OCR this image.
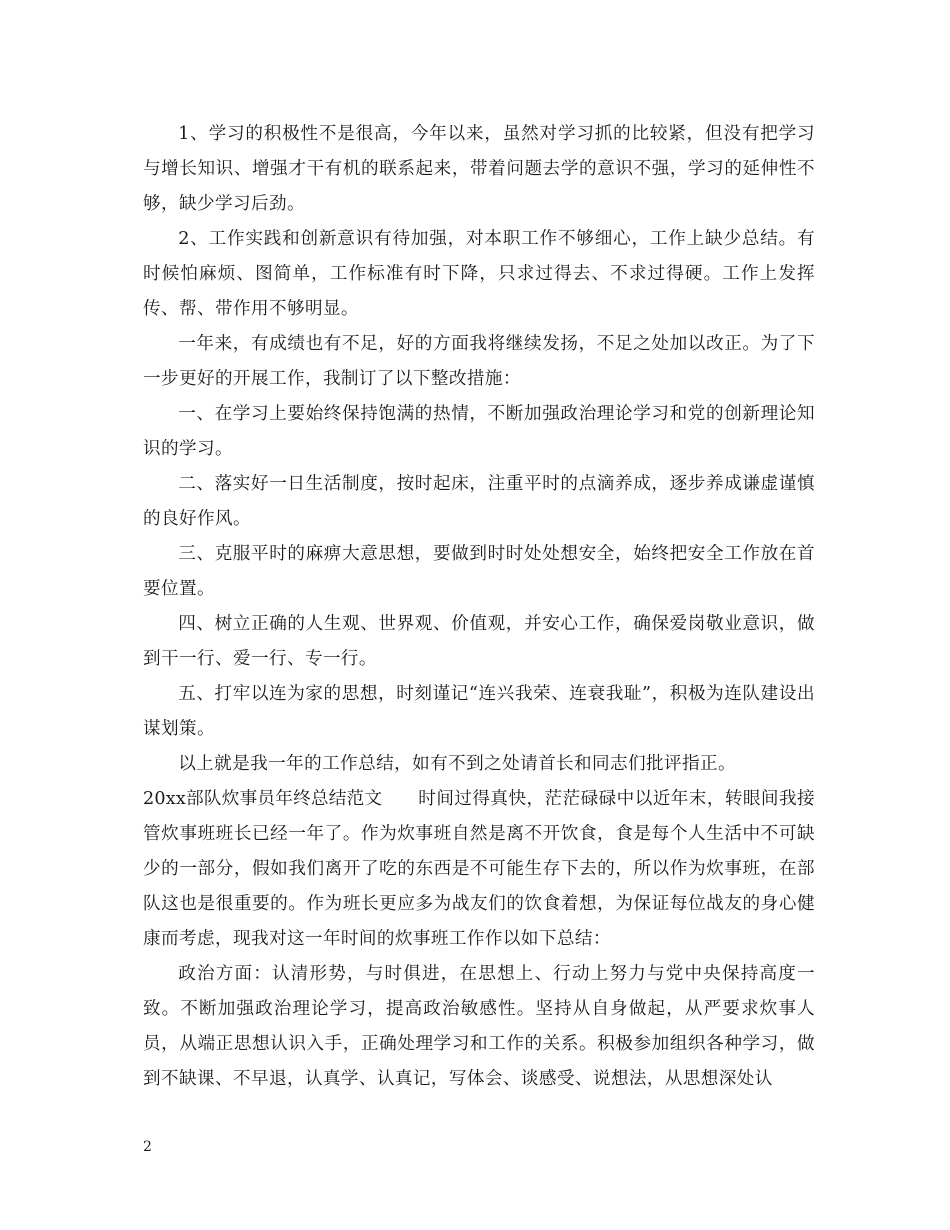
1、学习的积极性不是很高，今年以来，虽然对学习抓的比较紧，但没有把学习与增长知识、增强才干有机的联系起来，带着问题去学的意识不强，学习的延伸性不够，缺少学习后劲。

2、工作实践和创新意识有待加强，对本职工作不够细心，工作上缺少总结。有时候怕麻烦、图简单，工作标准有时下降，只求过得去、不求过得硬。工作上发挥传、帮、带作用不够明显。

一年来，有成绩也有不足，好的方面我将继续发扬，不足之处加以改正。为了下一步更好的开展工作，我制订了以下整改措施：

一、在学习上要始终保持饱满的热情，不断加强政治理论学习和党的创新理论知识的学习。

二、落实好一日生活制度，按时起床，注重平时的点滴养成，逐步养成谦虚谨慎的良好作风。

三、克服平时的麻痹大意思想，要做到时时处处想安全，始终把安全工作放在首要位置。

四、树立正确的人生观、世界观、价值观，并安心工作，确保爱岗敬业意识，做到干一行、爱一行、专一行。

五、打牢以连为家的思想，时刻谨记“连兴我荣、连衰我耻”，积极为连队建设出谋划策。

以上就是我一年的工作总结，如有不到之处请首长和同志们批评指正。

20xx部队炊事员年终总结范文 时间过得真快，茫茫碌碌中以近年末，转眼间我接管炊事班班长已经一年了。作为炊事班自然是离不开饮食，食是每个人生活中不可缺少的一部分，假如我们离开了吃的东西是不可能生存下去的，所以作为炊事班，在部队这也是很重要的。作为班长更应多为战友们的饮食着想，为保证每位战友的身心健康而考虑，现我对这一年时间的炊事班工作作以如下总结：

政治方面：认清形势，与时俱进，在思想上、行动上努力与党中央保持高度一致。不断加强政治理论学习，提高政治敏感性。坚持从自身做起，从严要求炊事人员，从端正思想认识入手，正确处理学习和工作的关系。积极参加组织各种学习，做到不缺课、不早退，认真学、认真记，写体会、谈感受、说想法，从思想深处认

2
